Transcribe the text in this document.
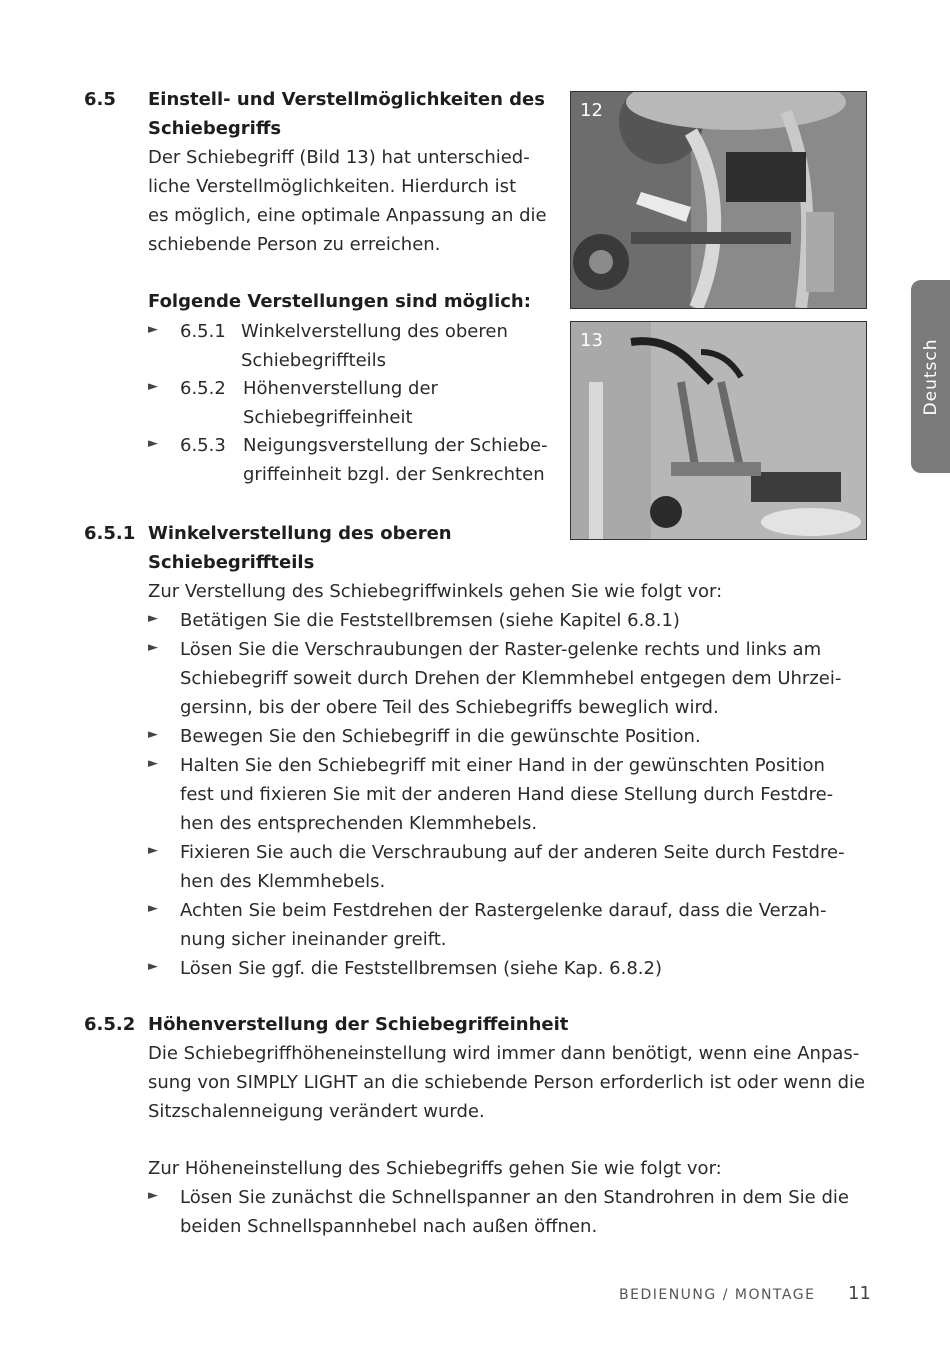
6.5 Einstell- und Verstellmöglichkeiten des
Schiebegriffs
Der Schiebegriff (Bild 13) hat unterschied-
liche Verstellmöglichkeiten. Hierdurch ist
es möglich, eine optimale Anpassung an die
schiebende Person zu erreichen.
Folgende Verstellungen sind möglich:
► 6.5.1 Winkelverstellung des oberen
Schiebegriffteils
► 6.5.2 Höhenverstellung der
Schiebegriffeinheit
► 6.5.3 Neigungsverstellung der Schiebe-
griffeinheit bzgl. der Senkrechten
12
13	Deutsch
6.5.1 Winkelverstellung des oberen
Schiebegriffteils
Zur Verstellung des Schiebegriffwinkels gehen Sie wie folgt vor:
► Betätigen Sie die Feststellbremsen (siehe Kapitel 6.8.1)
► Lösen Sie die Verschraubungen der Raster-gelenke rechts und links am
Schiebegriff soweit durch Drehen der Klemmhebel entgegen dem Uhrzei-
gersinn, bis der obere Teil des Schiebegriffs beweglich wird.
► Bewegen Sie den Schiebegriff in die gewünschte Position.
► Halten Sie den Schiebegriff mit einer Hand in der gewünschten Position
fest und fixieren Sie mit der anderen Hand diese Stellung durch Festdre-
hen des entsprechenden Klemmhebels.
► Fixieren Sie auch die Verschraubung auf der anderen Seite durch Festdre-
hen des Klemmhebels.
► Achten Sie beim Festdrehen der Rastergelenke darauf, dass die Verzah-
nung sicher ineinander greift.
► Lösen Sie ggf. die Feststellbremsen (siehe Kap. 6.8.2)
6.5.2 Höhenverstellung der Schiebegriffeinheit
Die Schiebegriffhöheneinstellung wird immer dann benötigt, wenn eine Anpas-
sung von SIMPLY LIGHT an die schiebende Person erforderlich ist oder wenn die
Sitzschalenneigung verändert wurde.
Zur Höheneinstellung des Schiebegriffs gehen Sie wie folgt vor:
► Lösen Sie zunächst die Schnellspanner an den Standrohren in dem Sie die
beiden Schnellspannhebel nach außen öffnen.
BEDIENUNG / MONTAGE 11
